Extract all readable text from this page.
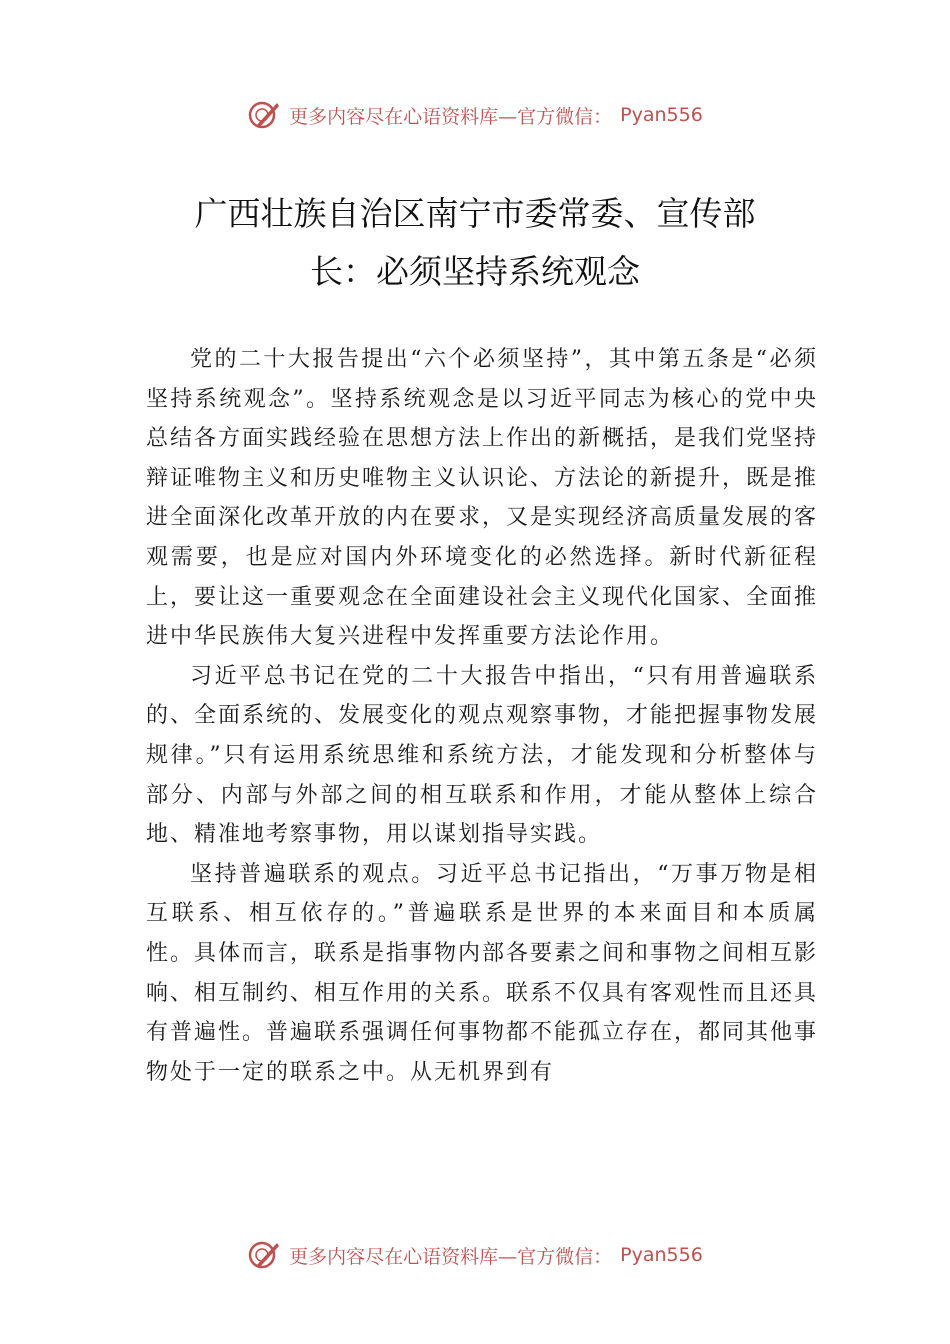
更多内容尽在心语资料库—官方微信： Pyan556
广西壮族自治区南宁市委常委、宣传部
长：必须坚持系统观念

党的二十大报告提出“六个必须坚持”，其中第五条是“必须坚持系统观念”。坚持系统观念是以习近平同志为核心的党中央总结各方面实践经验在思想方法上作出的新概括，是我们党坚持辩证唯物主义和历史唯物主义认识论、方法论的新提升，既是推进全面深化改革开放的内在要求，又是实现经济高质量发展的客观需要，也是应对国内外环境变化的必然选择。新时代新征程上，要让这一重要观念在全面建设社会主义现代化国家、全面推进中华民族伟大复兴进程中发挥重要方法论作用。

习近平总书记在党的二十大报告中指出，“只有用普遍联系的、全面系统的、发展变化的观点观察事物，才能把握事物发展规律。”只有运用系统思维和系统方法，才能发现和分析整体与部分、内部与外部之间的相互联系和作用，才能从整体上综合地、精准地考察事物，用以谋划指导实践。

坚持普遍联系的观点。习近平总书记指出，“万事万物是相互联系、相互依存的。”普遍联系是世界的本来面目和本质属性。具体而言，联系是指事物内部各要素之间和事物之间相互影响、相互制约、相互作用的关系。联系不仅具有客观性而且还具有普遍性。普遍联系强调任何事物都不能孤立存在，都同其他事物处于一定的联系之中。从无机界到有

更多内容尽在心语资料库—官方微信： Pyan556
